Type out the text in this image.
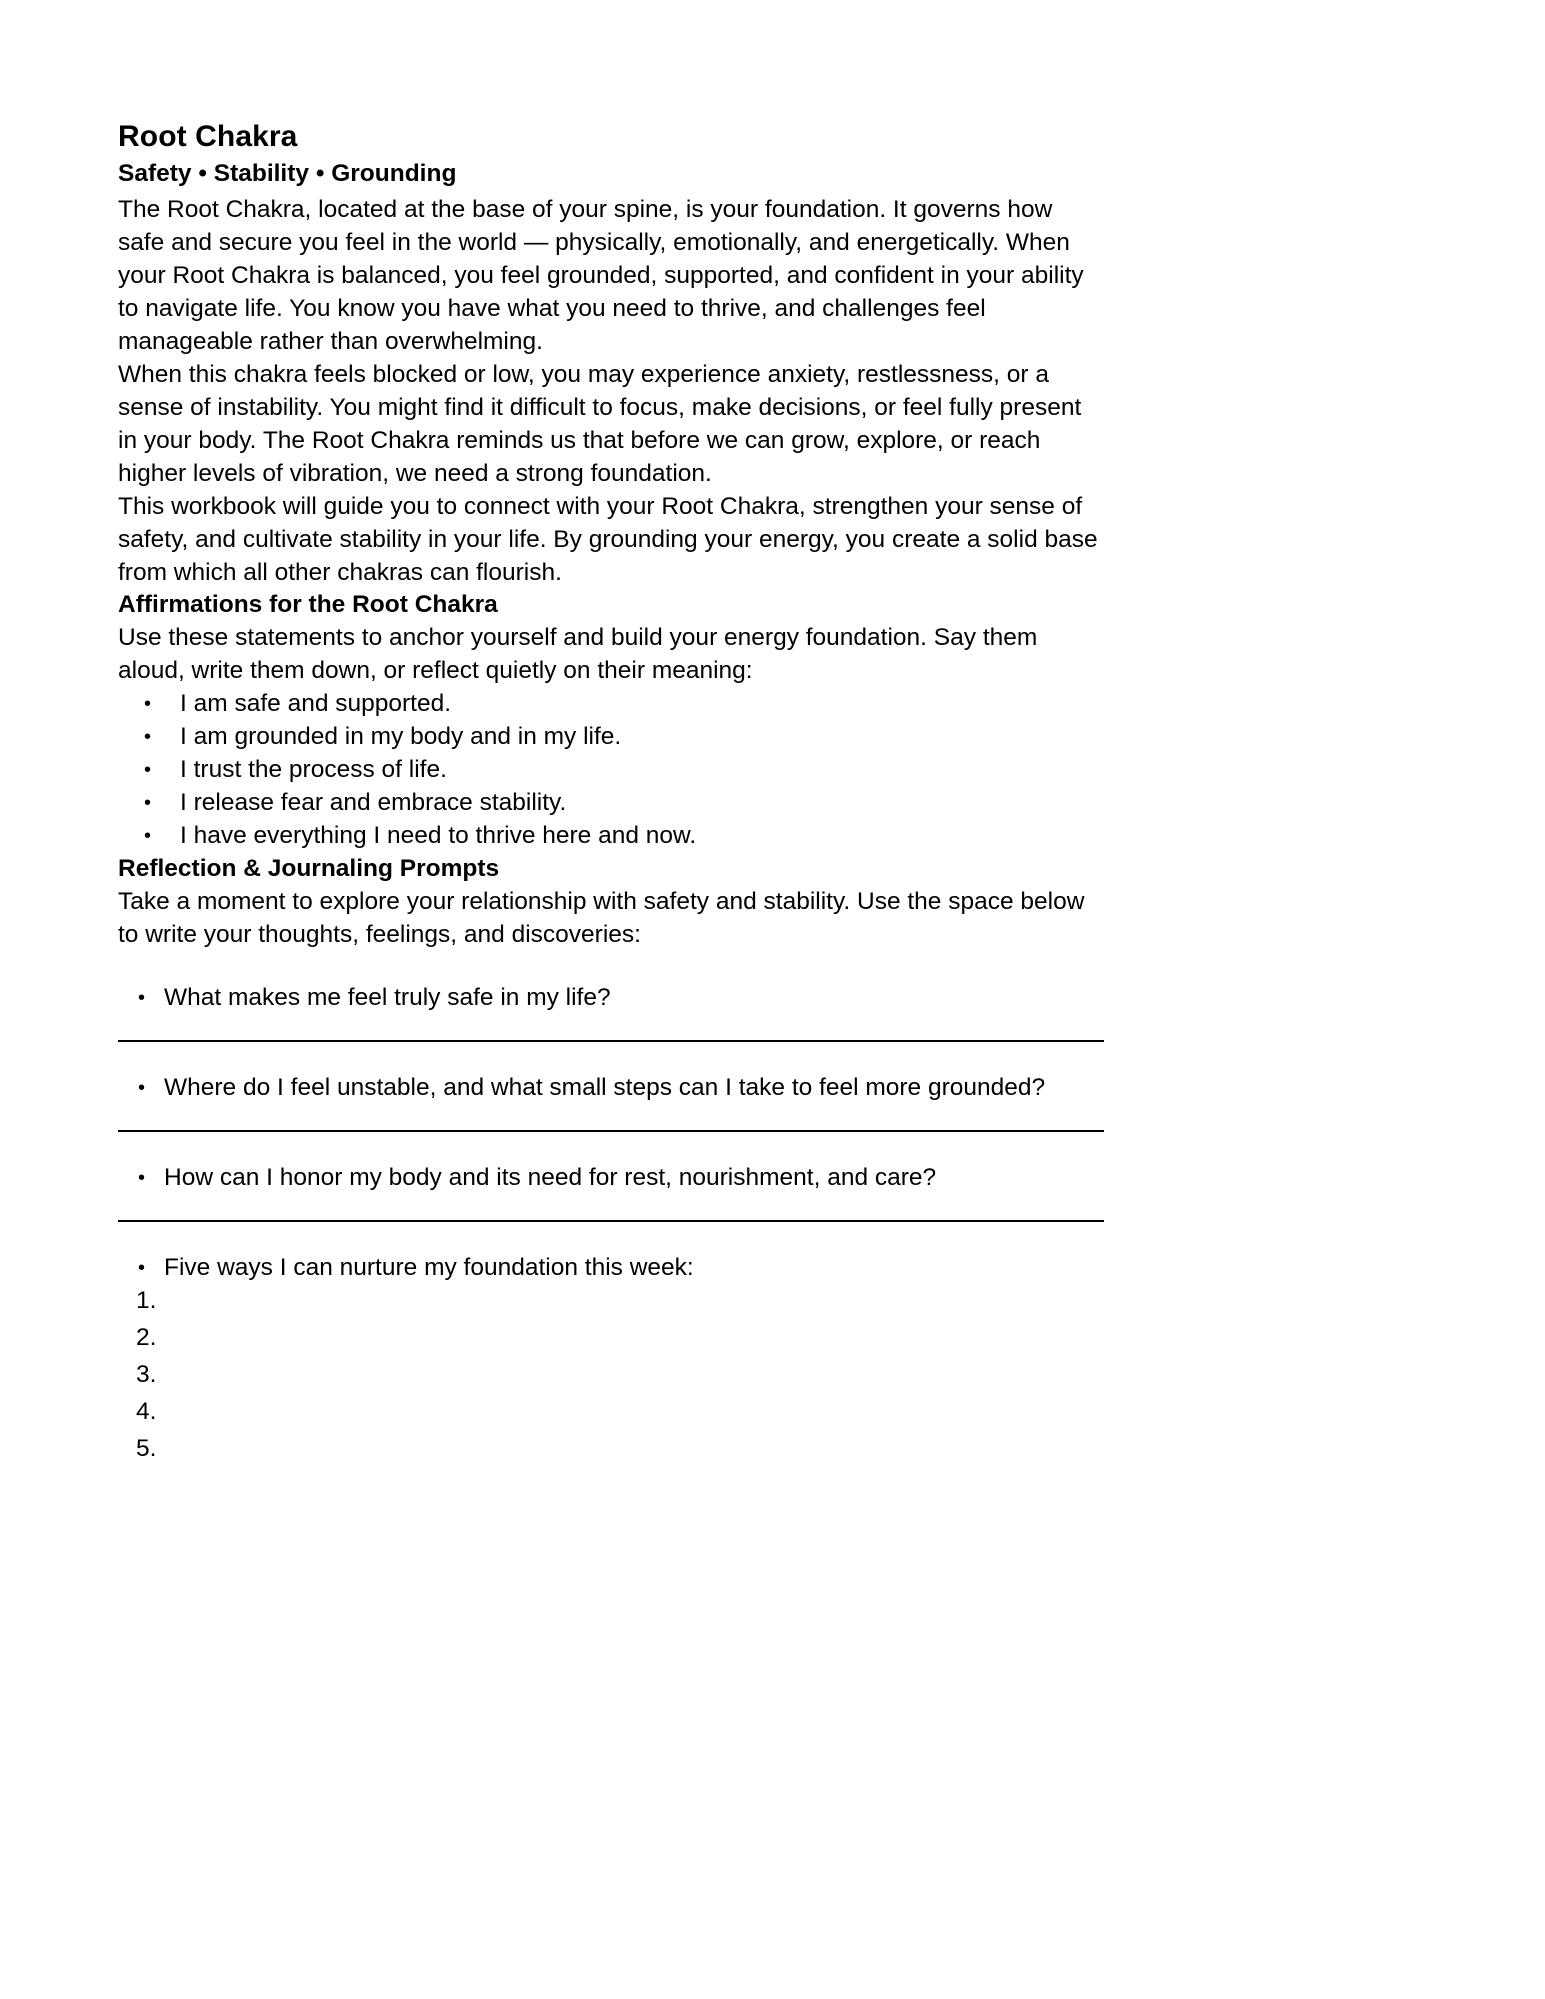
Root Chakra
Safety • Stability • Grounding

The Root Chakra, located at the base of your spine, is your foundation. It governs how safe and secure you feel in the world — physically, emotionally, and energetically. When your Root Chakra is balanced, you feel grounded, supported, and confident in your ability to navigate life. You know you have what you need to thrive, and challenges feel manageable rather than overwhelming.

When this chakra feels blocked or low, you may experience anxiety, restlessness, or a sense of instability. You might find it difficult to focus, make decisions, or feel fully present in your body. The Root Chakra reminds us that before we can grow, explore, or reach higher levels of vibration, we need a strong foundation.

This workbook will guide you to connect with your Root Chakra, strengthen your sense of safety, and cultivate stability in your life. By grounding your energy, you create a solid base from which all other chakras can flourish.

Affirmations for the Root Chakra

Use these statements to anchor yourself and build your energy foundation. Say them aloud, write them down, or reflect quietly on their meaning:

• I am safe and supported.
• I am grounded in my body and in my life.
• I trust the process of life.
• I release fear and embrace stability.
• I have everything I need to thrive here and now.
Reflection & Journaling Prompts

Take a moment to explore your relationship with safety and stability. Use the space below to write your thoughts, feelings, and discoveries:

• What makes me feel truly safe in my life?
• Where do I feel unstable, and what small steps can I take to feel more grounded?
• How can I honor my body and its need for rest, nourishment, and care?
• Five ways I can nurture my foundation this week:
